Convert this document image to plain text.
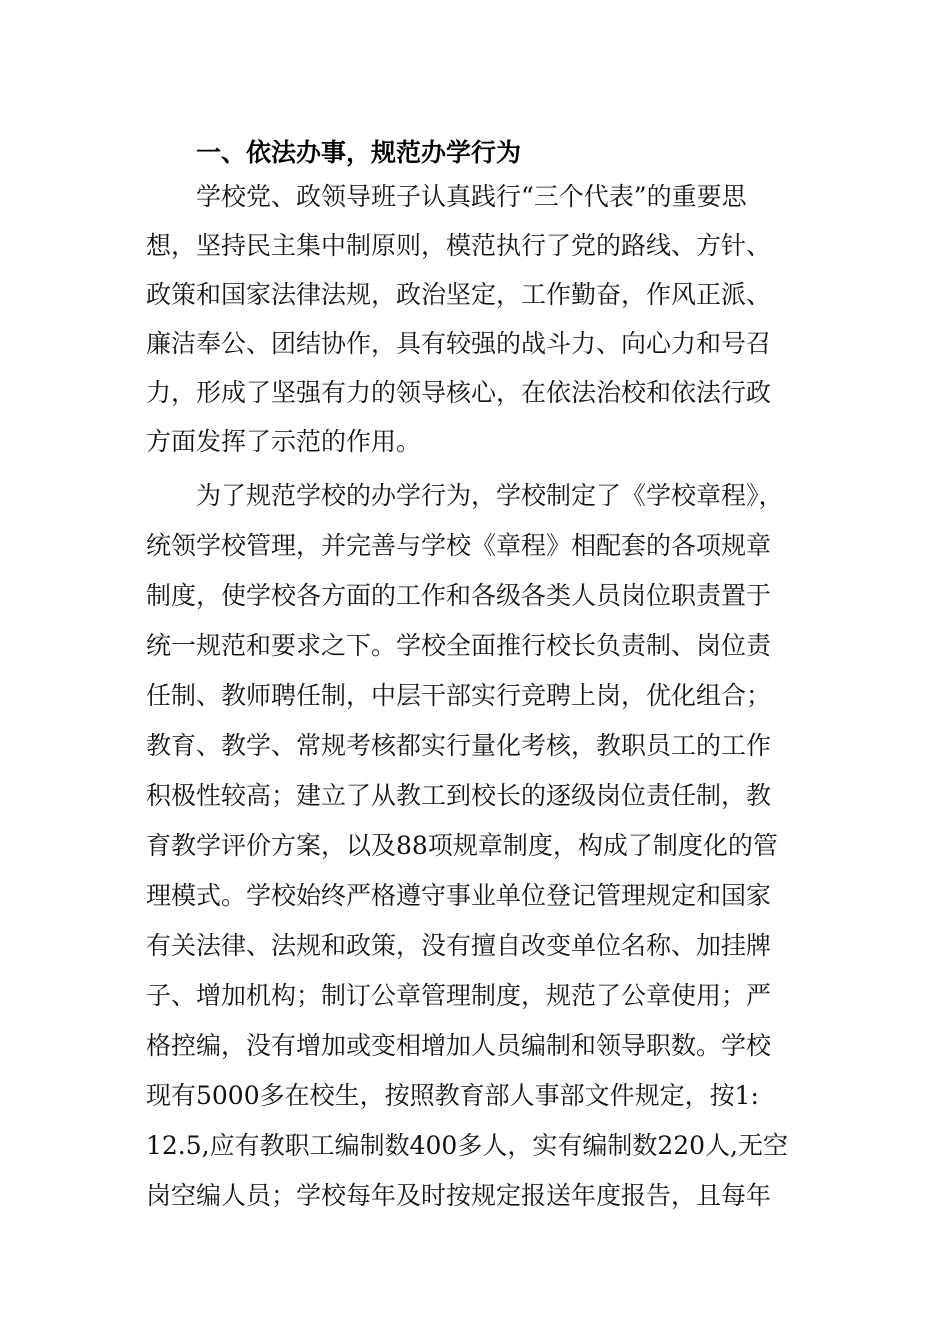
一、依法办事，规范办学行为
学校党、政领导班子认真践行“三个代表”的重要思
想，坚持民主集中制原则，模范执行了党的路线、方针、
政策和国家法律法规，政治坚定，工作勤奋，作风正派、
廉洁奉公、团结协作，具有较强的战斗力、向心力和号召
力，形成了坚强有力的领导核心，在依法治校和依法行政
方面发挥了示范的作用。
为了规范学校的办学行为，学校制定了《学校章程》，
统领学校管理，并完善与学校《章程》相配套的各项规章
制度，使学校各方面的工作和各级各类人员岗位职责置于
统一规范和要求之下。学校全面推行校长负责制、岗位责
任制、教师聘任制，中层干部实行竞聘上岗，优化组合；
教育、教学、常规考核都实行量化考核，教职员工的工作
积极性较高；建立了从教工到校长的逐级岗位责任制，教
育教学评价方案，以及88项规章制度，构成了制度化的管
理模式。学校始终严格遵守事业单位登记管理规定和国家
有关法律、法规和政策，没有擅自改变单位名称、加挂牌
子、增加机构；制订公章管理制度，规范了公章使用；严
格控编，没有增加或变相增加人员编制和领导职数。学校
现有5000多在校生，按照教育部人事部文件规定，按1:
12.5,应有教职工编制数400多人，实有编制数220人,无空
岗空编人员；学校每年及时按规定报送年度报告，且每年
